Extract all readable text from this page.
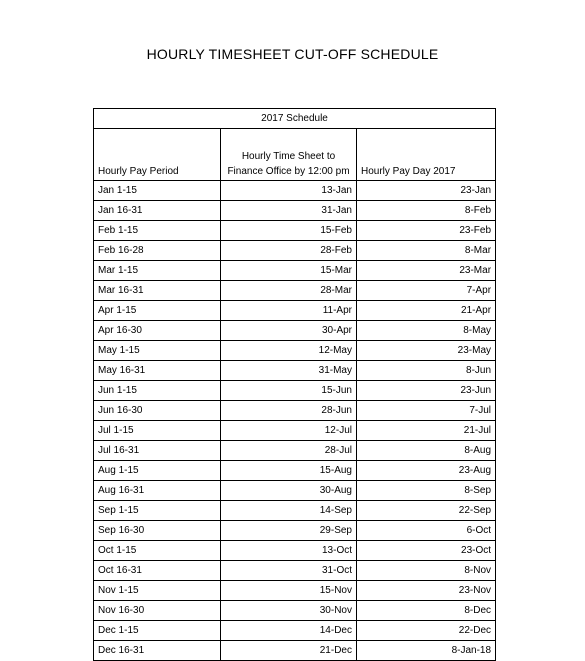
HOURLY TIMESHEET CUT-OFF SCHEDULE
2017 Schedule		
Hourly Pay Period	Hourly Time Sheet to Finance Office by 12:00 pm	Hourly Pay Day 2017
Jan 1-15	13-Jan	23-Jan
Jan 16-31	31-Jan	8-Feb
Feb 1-15	15-Feb	23-Feb
Feb 16-28	28-Feb	8-Mar
Mar 1-15	15-Mar	23-Mar
Mar 16-31	28-Mar	7-Apr
Apr 1-15	11-Apr	21-Apr
Apr 16-30	30-Apr	8-May
May 1-15	12-May	23-May
May 16-31	31-May	8-Jun
Jun 1-15	15-Jun	23-Jun
Jun 16-30	28-Jun	7-Jul
Jul 1-15	12-Jul	21-Jul
Jul 16-31	28-Jul	8-Aug
Aug 1-15	15-Aug	23-Aug
Aug 16-31	30-Aug	8-Sep
Sep 1-15	14-Sep	22-Sep
Sep 16-30	29-Sep	6-Oct
Oct 1-15	13-Oct	23-Oct
Oct 16-31	31-Oct	8-Nov
Nov 1-15	15-Nov	23-Nov
Nov 16-30	30-Nov	8-Dec
Dec 1-15	14-Dec	22-Dec
Dec 16-31	21-Dec	8-Jan-18
